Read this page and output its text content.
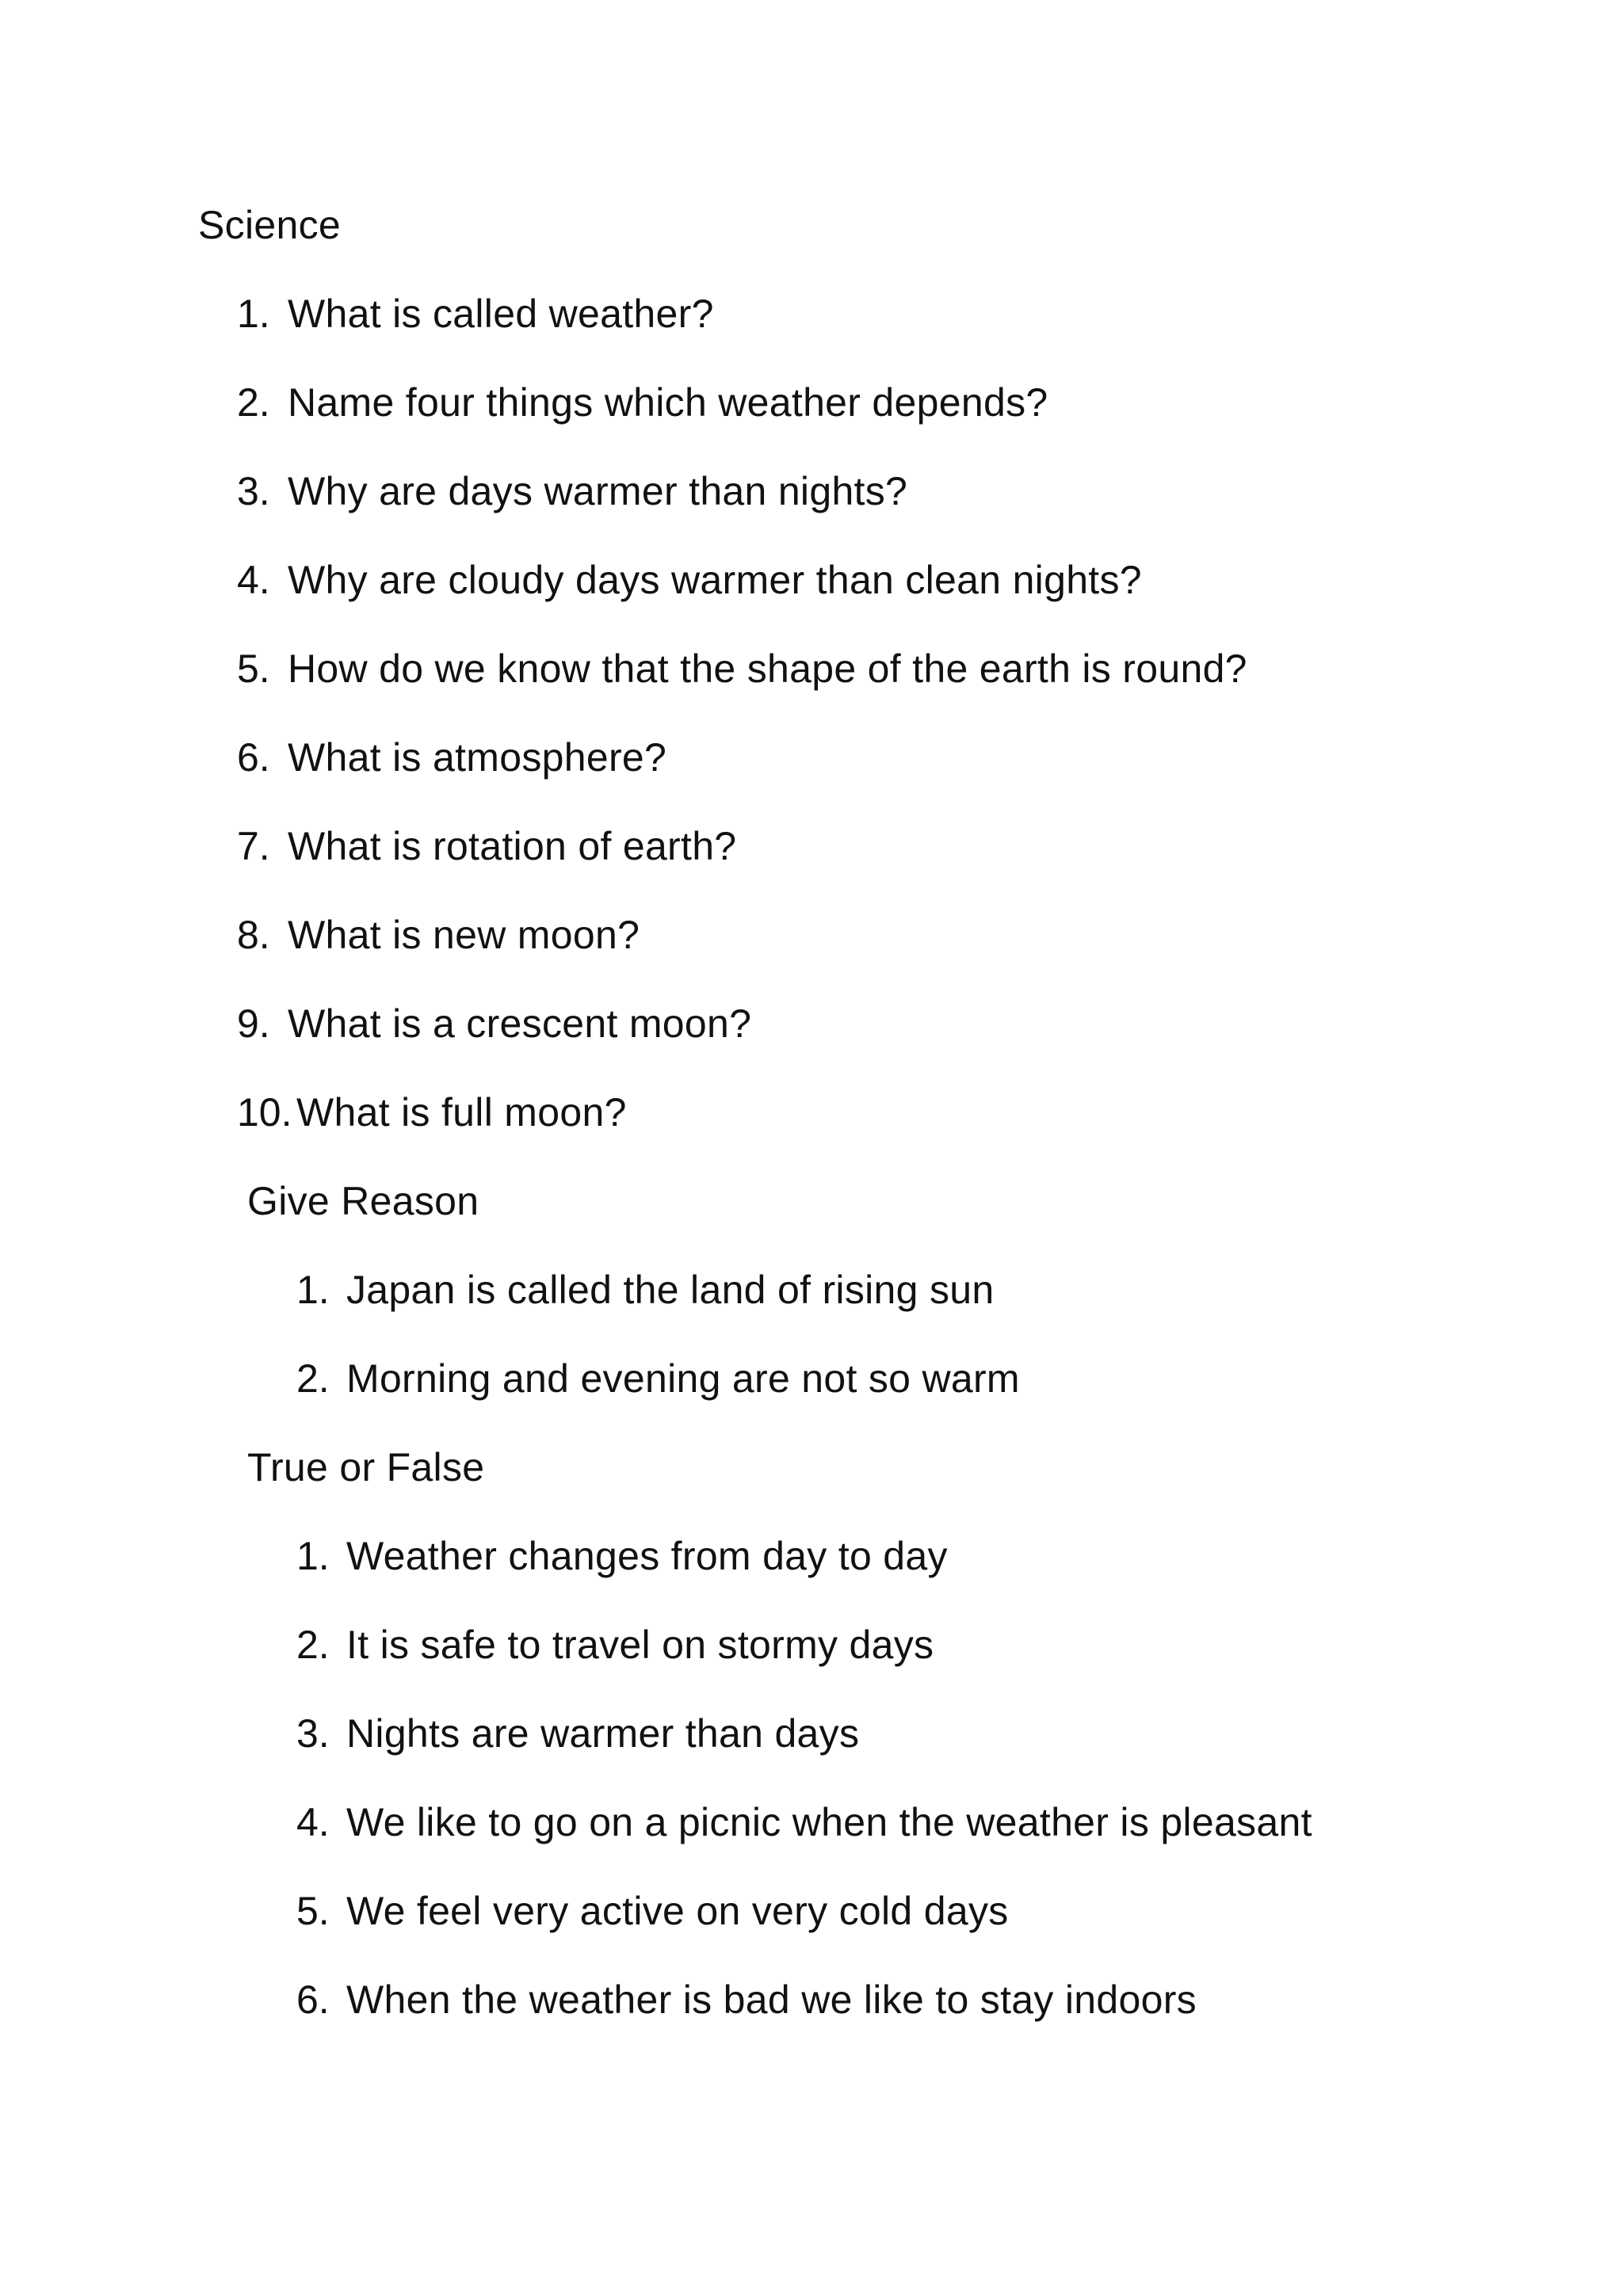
Science
1. What is called weather?
2. Name four things which weather depends?
3. Why are days warmer than nights?
4. Why are cloudy days warmer than clean nights?
5. How do we know that the shape of the earth is round?
6. What is atmosphere?
7. What is rotation of earth?
8. What is new moon?
9. What is a crescent moon?
10. What is full moon?
Give Reason
1. Japan is called the land of rising sun
2. Morning and evening are not so warm
True or False
1. Weather changes from day to day
2. It is safe to travel on stormy days
3. Nights are warmer than days
4. We like to go on a picnic when the weather is pleasant
5. We feel very active on very cold days
6. When the weather is bad we like to stay indoors
